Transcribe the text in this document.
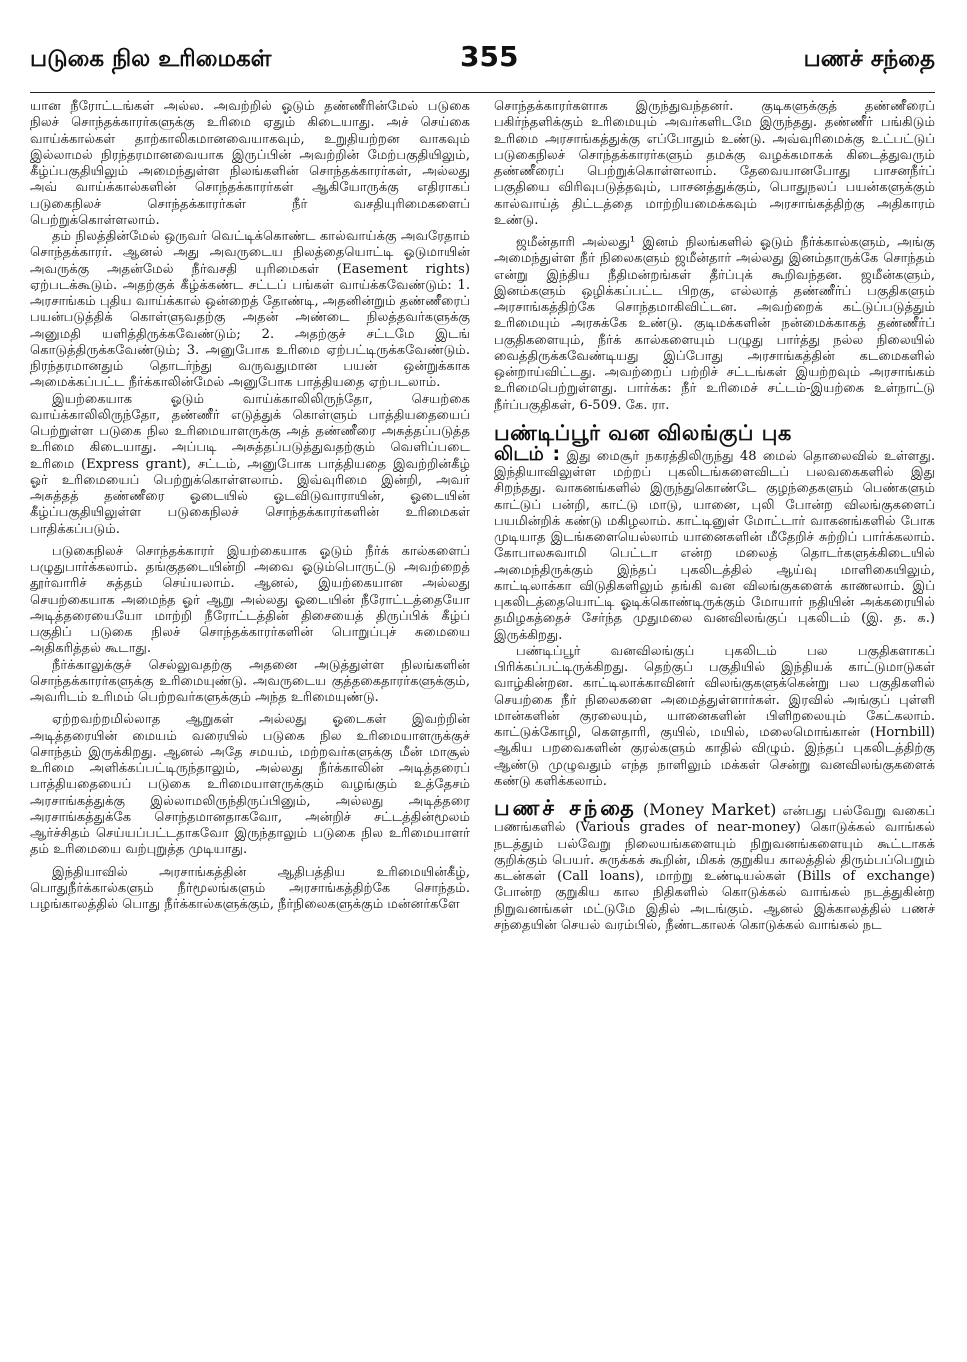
படுகை நில உரிமைகள்	355	பணச் சந்தை

யான நீரோட்டங்கள் அல்ல. அவற்றில் ஓடும் தண்ணீரின்மேல் படுகை நிலச் சொந்தக்காரர்களுக்கு உரிமை ஏதும் கிடையாது. அச் செய்கை வாய்க்கால்கள் தாற்காலிகமானவையாகவும், உறுதியற்றன வாகவும் இல்லாமல் நிரந்தரமானவையாக இருப்பின் அவற்றின் மேற்பகுதியிலும், கீழ்ப்பகுதியிலும் அமைந்துள்ள நிலங்களின் சொந்தக்காரர்கள், அல்லது அவ் வாய்க்கால்களின் சொந்தக்காரர்கள் ஆகியோருக்கு எதிராகப் படுகைநிலச் சொந்தக்காரர்கள் நீர் வசதியுரிமைகளைப் பெற்றுக்கொள்ளலாம்.

தம் நிலத்தின்மேல் ஒருவர் வெட்டிக்கொண்ட கால்வாய்க்கு அவரேதாம் சொந்தக்காரர். ஆனல் அது அவருடைய நிலத்தையொட்டி ஓடுமாயின் அவருக்கு அதன்மேல் நீர்வசதி யுரிமைகள் (Easement rights) ஏற்படக்கூடும். அதற்குக் கீழ்க்கண்ட சட்டப் பங்கள் வாய்க்கவேண்டும்: 1. அரசாங்கம் புதிய வாய்க்கால் ஒன்றைத் தோண்டி, அதனின்றும் தண்ணீரைப் பயன்படுத்திக் கொள்ளுவதற்கு அதன் அண்டை நிலத்தவர்களுக்கு அனுமதி யளித்திருக்கவேண்டும்; 2. அதற்குச் சட்டமே இடங் கொடுத்திருக்கவேண்டும்; 3. அனுபோக உரிமை ஏற்பட்டிருக்கவேண்டும். நிரந்தரமானதும் தொடர்ந்து வருவதுமான பயன் ஒன்றுக்காக அமைக்கப்பட்ட நீர்க்காலின்மேல் அனுபோக பாத்தியதை ஏற்படலாம்.

இயற்கையாக ஓடும் வாய்க்காலிலிருந்தோ, செயற்கை வாய்க்காலிலிருந்தோ, தண்ணீர் எடுத்துக் கொள்ளும் பாத்தியதையைப் பெற்றுள்ள படுகை நில உரிமையாளருக்கு அத் தண்ணீரை அசுத்தப்படுத்த உரிமை கிடையாது. அப்படி அசுத்தப்படுத்துவதற்கும் வெளிப்படை உரிமை (Express grant), சட்டம், அனுபோக பாத்தியதை இவற்றின்கீழ் ஓர் உரிமையைப் பெற்றுக்கொள்ளலாம். இவ்வுரிமை இன்றி, அவர் அசுத்தத் தண்ணீரை ஓடையில் ஓடவிடுவாராயின், ஓடையின் கீழ்ப்பகுதியிலுள்ள படுகைநிலச் சொந்தக்காரர்களின் உரிமைகள் பாதிக்கப்படும்.

படுகைநிலச் சொந்தக்காரர் இயற்கையாக ஓடும் நீர்க் கால்களைப் பழுதுபார்க்கலாம். தங்குதடையின்றி அவை ஓடும்பொருட்டு அவற்றைத் தூர்வாரிச் சுத்தம் செய்யலாம். ஆனல், இயற்கையான அல்லது செயற்கையாக அமைந்த ஓர் ஆறு அல்லது ஓடையின் நீரோட்டத்தையோ அடித்தரையையோ மாற்றி நீரோட்டத்தின் திசையைத் திருப்பிக் கீழ்ப் பகுதிப் படுகை நிலச் சொந்தக்காரர்களின் பொறுப்புச் சுமையை அதிகரித்தல் கூடாது.

நீர்க்காலுக்குச் செல்லுவதற்கு அதனை அடுத்துள்ள நிலங்களின் சொந்தக்காரர்களுக்கு உரிமையுண்டு. அவருடைய குத்தகைதாரர்களுக்கும், அவரிடம் உரிமம் பெற்றவர்களுக்கும் அந்த உரிமையுண்டு.

ஏற்றவற்றமில்லாத ஆறுகள் அல்லது ஓடைகள் இவற்றின் அடித்தரையின் மையம் வரையில் படுகை நில உரிமையாளருக்குச் சொந்தம் இருக்கிறது. ஆனல் அதே சமயம், மற்றவர்களுக்கு மீன் மாசூல் உரிமை அளிக்கப்பட்டிருந்தாலும், அல்லது நீர்க்காலின் அடித்தரைப் பாத்தியதையைப் படுகை உரிமையாளருக்கும் வழங்கும் உத்தேசம் அரசாங்கத்துக்கு இல்லாமலிருந்திருப்பினும், அல்லது அடித்தரை அரசாங்கத்துக்கே சொந்தமானதாகவோ, அன்றிச் சட்டத்தின்மூலம் ஆர்ச்சிதம் செய்யப்பட்டதாகவோ இருந்தாலும் படுகை நில உரிமையாளர் தம் உரிமையை வற்புறுத்த முடியாது.

இந்தியாவில் அரசாங்கத்தின் ஆதிபத்திய உரிமையின்கீழ், பொதுநீர்க்கால்களும் நீர்மூலங்களும் அரசாங்கத்திற்கே சொந்தம். பழங்காலத்தில் பொது நீர்க்கால்களுக்கும், நீர்நிலைகளுக்கும் மன்னர்களே

சொந்தக்காரர்களாக இருந்துவந்தனர். குடிகளுக்குத் தண்ணீரைப் பகிர்ந்தளிக்கும் உரிமையும் அவர்களிடமே இருந்தது. தண்ணீர் பங்கிடும் உரிமை அரசாங்கத்துக்கு எப்போதும் உண்டு. அவ்வுரிமைக்கு உட்பட்டுப் படுகைநிலச் சொந்தக்காரர்களும் தமக்கு வழக்கமாகக் கிடைத்துவரும் தண்ணீரைப் பெற்றுக்கொள்ளலாம். தேவையானபோது பாசனநீர்ப் பகுதியை விரிவுபடுத்தவும், பாசனத்துக்கும், பொதுநலப் பயன்களுக்கும் கால்வாய்த் திட்டத்தை மாற்றியமைக்கவும் அரசாங்கத்திற்கு அதிகாரம் உண்டு.

ஜமீன்தாரி அல்லது¹ இனம் நிலங்களில் ஓடும் நீர்க்கால்களும், அங்கு அமைந்துள்ள நீர் நிலைகளும் ஜமீன்தார் அல்லது இனம்தாருக்கே சொந்தம் என்று இந்திய நீதிமன்றங்கள் தீர்ப்புக் கூறிவந்தன. ஜமீன்களும், இனம்களும் ஒழிக்கப்பட்ட பிறகு, எல்லாத் தண்ணீர்ப் பகுதிகளும் அரசாங்கத்திற்கே சொந்தமாகிவிட்டன. அவற்றைக் கட்டுப்படுத்தும் உரிமையும் அரசுக்கே உண்டு. குடிமக்களின் நன்மைக்காகத் தண்ணீர்ப் பகுதிகளையும், நீர்க் கால்களையும் பழுது பார்த்து நல்ல நிலையில் வைத்திருக்கவேண்டியது இப்போது அரசாங்கத்தின் கடமைகளில் ஒன்றாய்விட்டது. அவற்றைப் பற்றிச் சட்டங்கள் இயற்றவும் அரசாங்கம் உரிமைபெற்றுள்ளது. பார்க்க: நீர் உரிமைச் சட்டம்-இயற்கை உள்நாட்டு நீர்ப்பகுதிகள், 6-509. கே. ரா.

பண்டிப்பூர் வன விலங்குப் புக

லிடம் : இது மைசூர் நகரத்திலிருந்து 48 மைல் தொலைவில் உள்ளது. இந்தியாவிலுள்ள மற்றப் புகலிடங்களைவிடப் பலவகைகளில் இது சிறந்தது. வாகனங்களில் இருந்துகொண்டே குழந்தைகளும் பெண்களும் காட்டுப் பன்றி, காட்டு மாடு, யானை, புலி போன்ற விலங்குகளைப் பயமின்றிக் கண்டு மகிழலாம். காட்டினுள் மோட்டார் வாகனங்களில் போக முடியாத இடங்களையெல்லாம் யானைகளின் மீதேறிச் சுற்றிப் பார்க்கலாம். கோபாலசுவாமி பெட்டா என்ற மலைத் தொடர்களுக்கிடையில் அமைந்திருக்கும் இந்தப் புகலிடத்தில் ஆய்வு மாளிகையிலும், காட்டிலாக்கா விடுதிகளிலும் தங்கி வன விலங்குகளைக் காணலாம். இப் புகலிடத்தையொட்டி ஓடிக்கொண்டிருக்கும் மோயார் நதியின் அக்கரையில் தமிழகத்தைச் சேர்ந்த முதுமலை வனவிலங்குப் புகலிடம் (இ. த. க.) இருக்கிறது.

பண்டிப்பூர் வனவிலங்குப் புகலிடம் பல பகுதிகளாகப் பிரிக்கப்பட்டிருக்கிறது. தெற்குப் பகுதியில் இந்தியக் காட்டுமாடுகள் வாழ்கின்றன. காட்டிலாக்காவினர் விலங்குகளுக்கென்று பல பகுதிகளில் செயற்கை நீர் நிலைகளை அமைத்துள்ளார்கள். இரவில் அங்குப் புள்ளி மான்களின் குரலையும், யானைகளின் பிளிறலையும் கேட்கலாம். காட்டுக்கோழி, கௌதாரி, குயில், மயில், மலைமொங்கான் (Hornbill) ஆகிய பறவைகளின் குரல்களும் காதில் விழும். இந்தப் புகலிடத்திற்கு ஆண்டு முழுவதும் எந்த நாளிலும் மக்கள் சென்று வனவிலங்குகளைக் கண்டு களிக்கலாம்.

பணச் சந்தை (Money Market) என்பது பல்வேறு வகைப் பணங்களில் (Various grades of near-money) கொடுக்கல் வாங்கல் நடத்தும் பல்வேறு நிலையங்களையும் நிறுவனங்களையும் கூட்டாகக் குறிக்கும் பெயர். சுருக்கக் கூறின், மிகக் குறுகிய காலத்தில் திரும்பப்பெறும் கடன்கள் (Call loans), மாற்று உண்டியல்கள் (Bills of exchange) போன்ற குறுகிய கால நிதிகளில் கொடுக்கல் வாங்கல் நடத்துகின்ற நிறுவனங்கள் மட்டுமே இதில் அடங்கும். ஆனல் இக்காலத்தில் பணச் சந்தையின் செயல் வரம்பில், நீண்டகாலக் கொடுக்கல் வாங்கல் நட
